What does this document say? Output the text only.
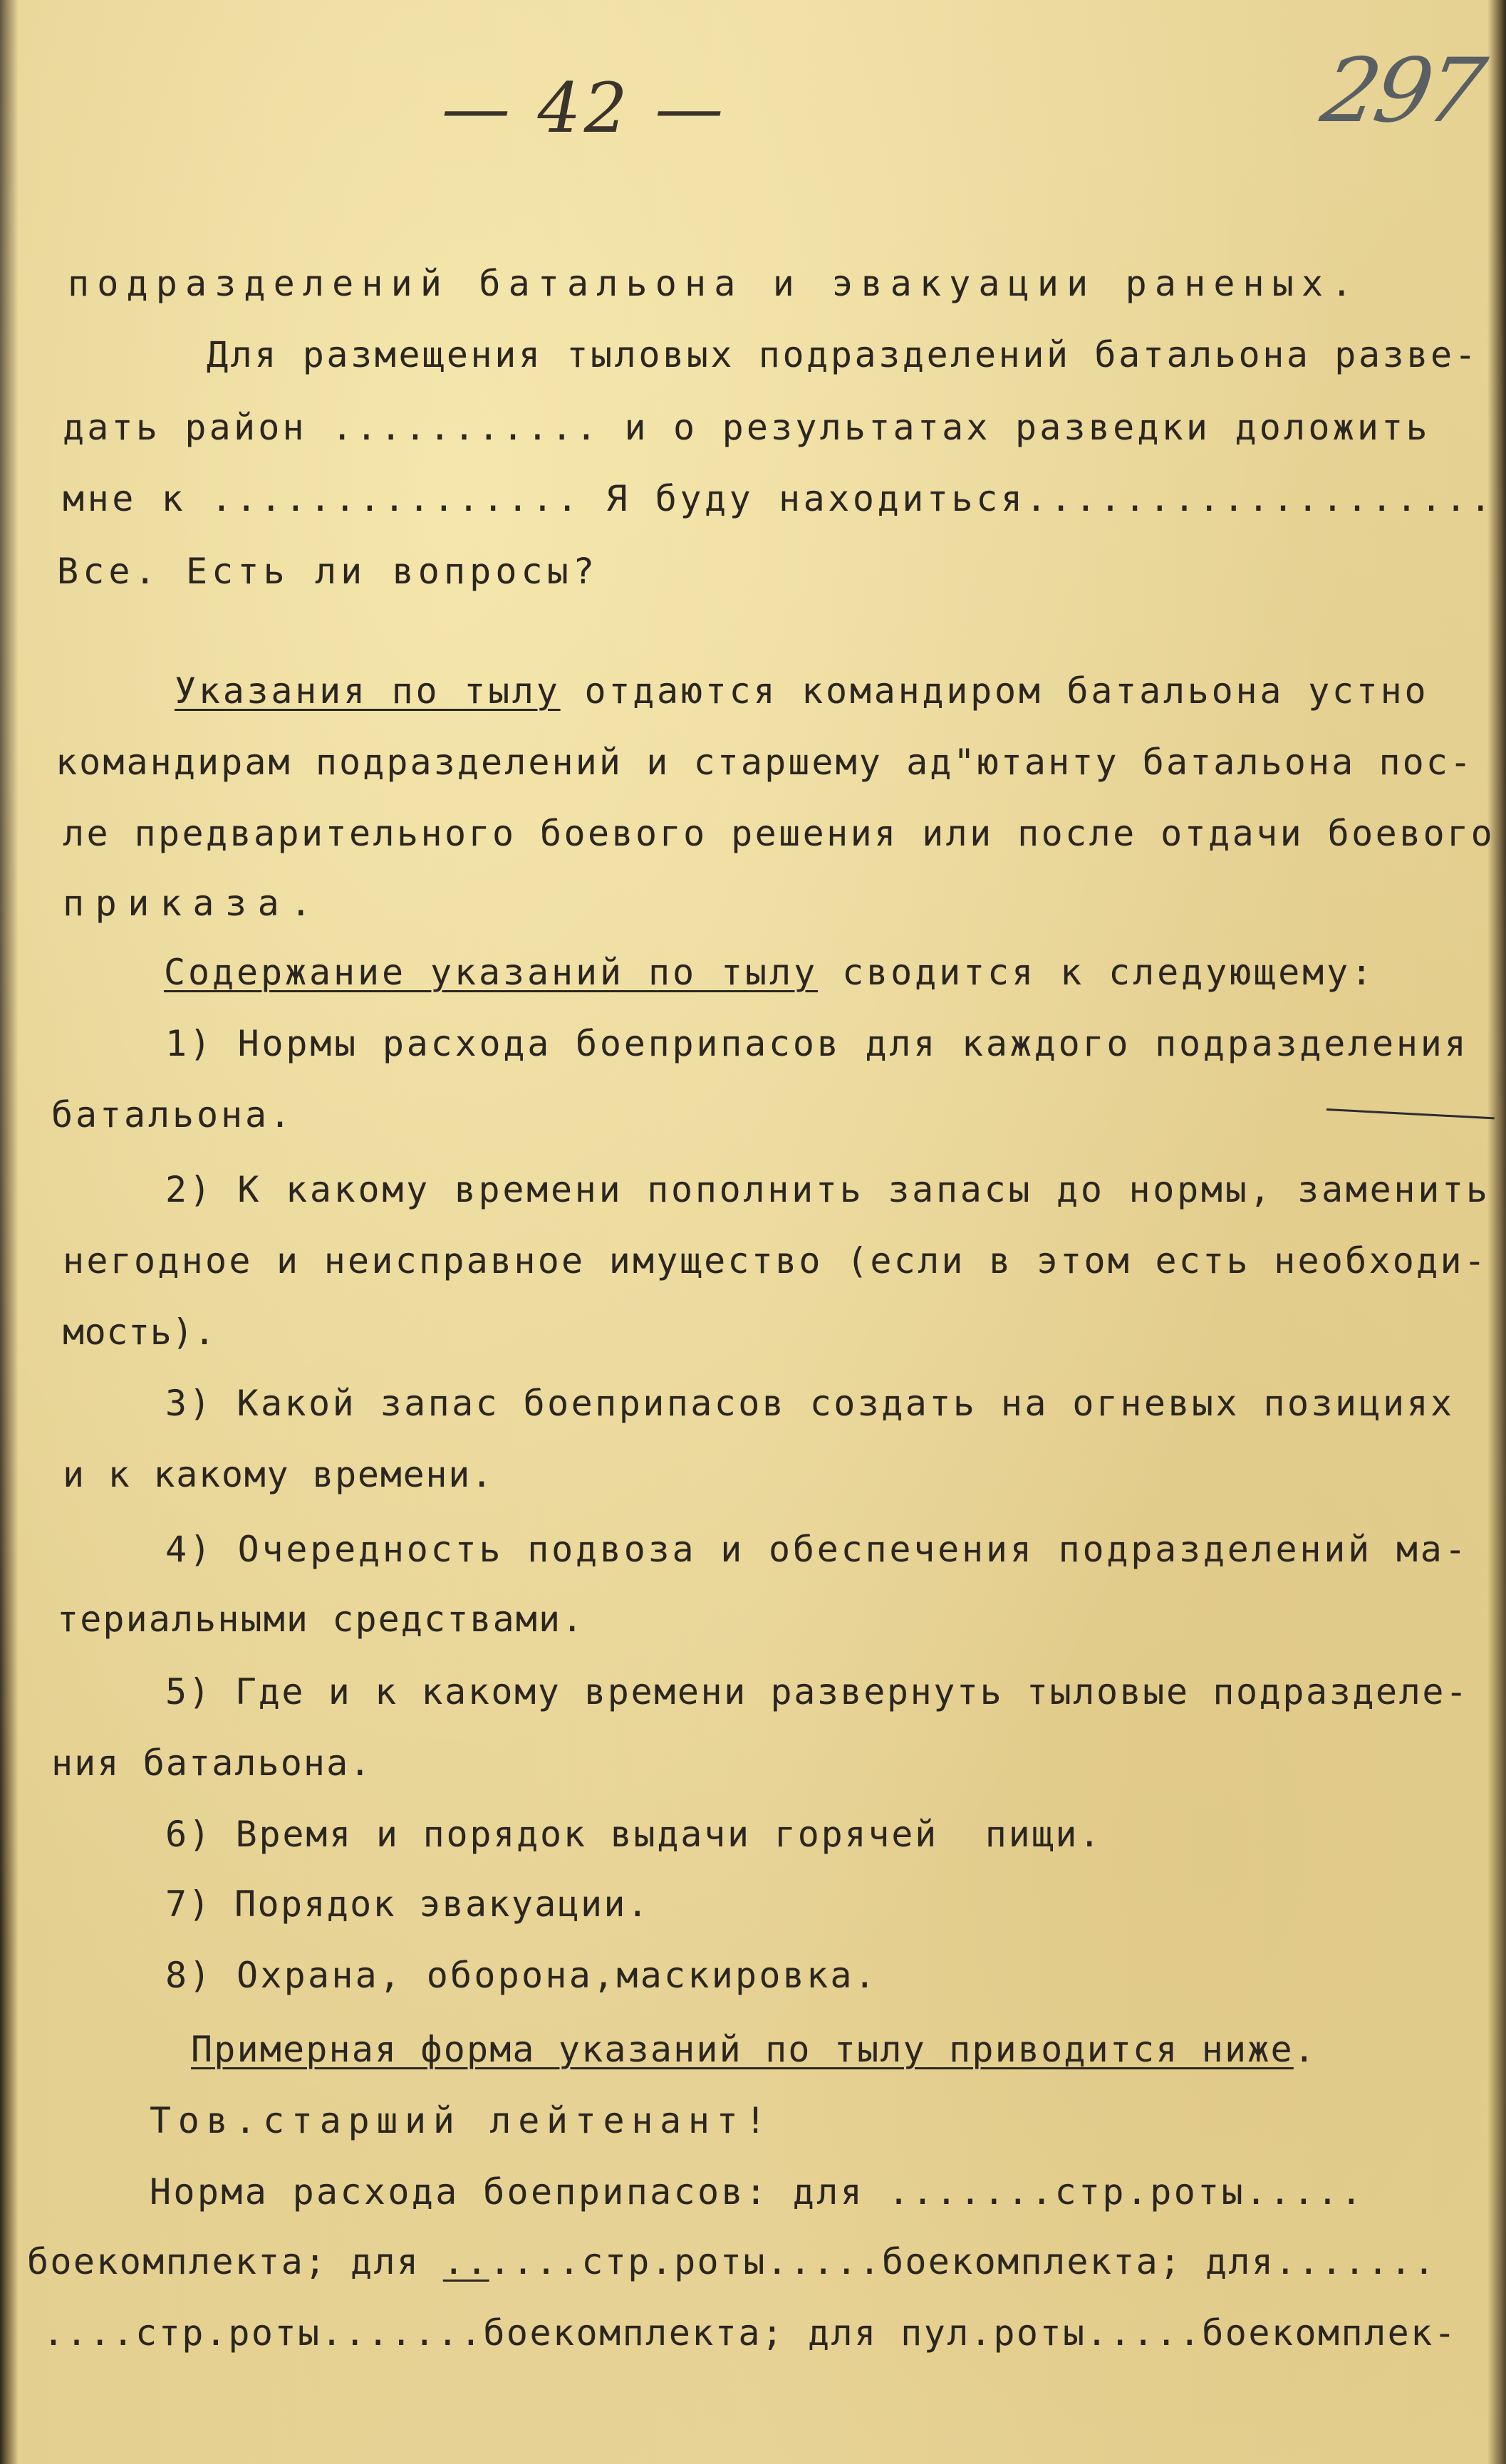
— 42 —	297
подразделений батальона и эвакуации раненых.
Для размещения тыловых подразделений батальона разве-
дать район ........... и о результатах разведки доложить
мне к ............... Я буду находиться...................
Все. Есть ли вопросы?
Указания по тылу отдаются командиром батальона устно
командирам подразделений и старшему ад"ютанту батальона пос-
ле предварительного боевого решения или после отдачи боевого
приказа.
Содержание указаний по тылу сводится к следующему:
1) Нормы расхода боеприпасов для каждого подразделения
батальона.
2) К какому времени пополнить запасы до нормы, заменить
негодное и неисправное имущество (если в этом есть необходи-
мость).
3) Какой запас боеприпасов создать на огневых позициях
и к какому времени.
4) Очередность подвоза и обеспечения подразделений ма-
териальными средствами.
5) Где и к какому времени развернуть тыловые подразделе-
ния батальона.
6) Время и порядок выдачи горячей  пищи.
7) Порядок эвакуации.
8) Охрана, оборона,маскировка.
Примерная форма указаний по тылу приводится ниже.
Тов.старший лейтенант!
Норма расхода боеприпасов: для .......стр.роты.....
боекомплекта; для ......стр.роты.....боекомплекта; для.......
....стр.роты.......боекомплекта; для пул.роты.....боекомплек-
